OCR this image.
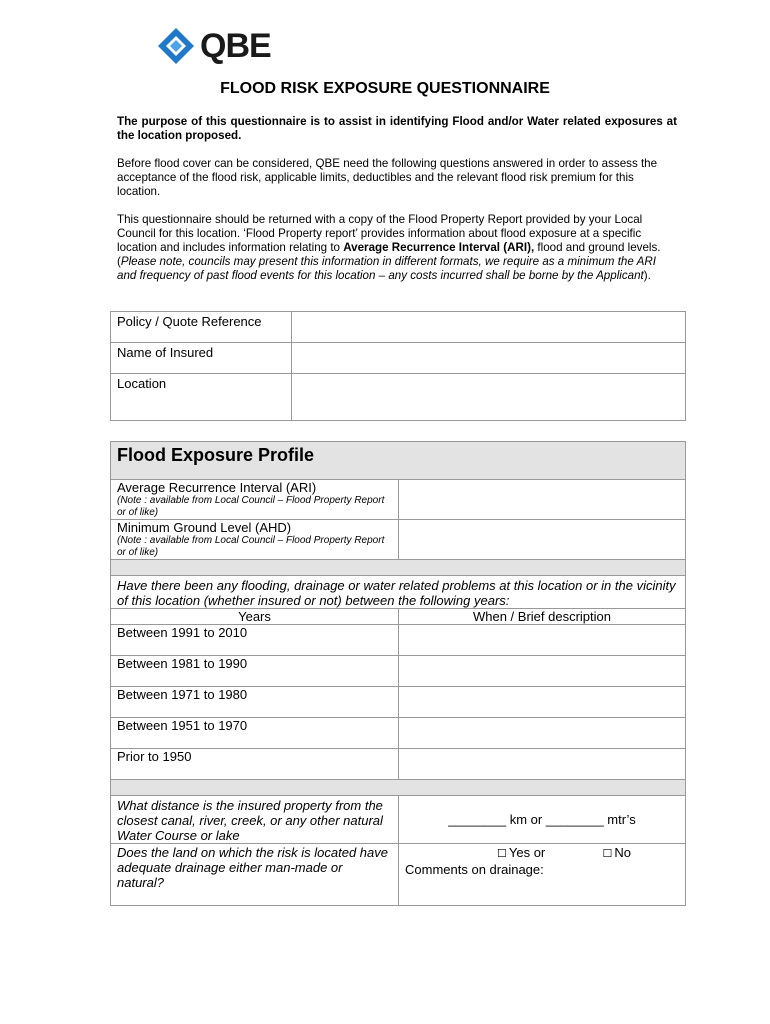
QBE
FLOOD RISK EXPOSURE QUESTIONNAIRE
The purpose of this questionnaire is to assist in identifying Flood and/or Water related exposures at the location proposed.
Before flood cover can be considered, QBE need the following questions answered in order to assess the acceptance of the flood risk, applicable limits, deductibles and the relevant flood risk premium for this location.
This questionnaire should be returned with a copy of the Flood Property Report provided by your Local Council for this location. ‘Flood Property report’ provides information about flood exposure at a specific location and includes information relating to Average Recurrence Interval (ARI), flood and ground levels. (Please note, councils may present this information in different formats, we require as a minimum the ARI and frequency of past flood events for this location – any costs incurred shall be borne by the Applicant).
Policy / Quote Reference	
Name of Insured	
Location	
Flood Exposure Profile	
Average Recurrence Interval (ARI)
(Note : available from Local Council – Flood Property Report or of like)	

Minimum Ground Level (AHD)
(Note : available from Local Council – Flood Property Report or of like)	

Have there been any flooding, drainage or water related problems at this location or in the vicinity of this location (whether insured or not) between the following years:	
Years	When / Brief description
Between 1991 to 2010	
Between 1981 to 1990	
Between 1971 to 1980	
Between 1951 to 1970	
Prior to 1950	

What distance is the insured property from the closest canal, river, creek, or any other natural Water Course or lake	________ km or ________ mtr’s
Does the land on which the risk is located have adequate drainage either man-made or natural?	☐ Yes or ☐ No
Comments on drainage:
